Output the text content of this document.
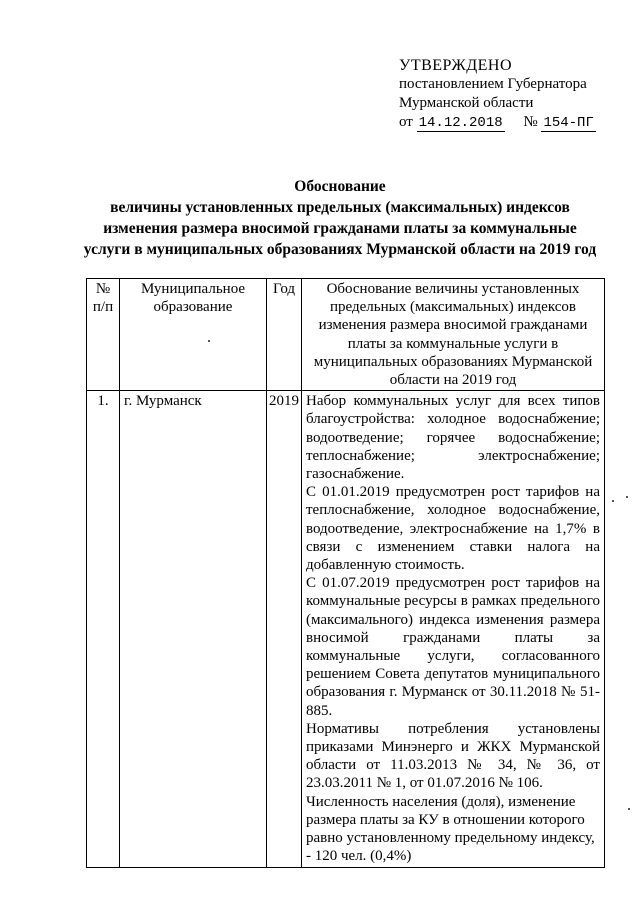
УТВЕРЖДЕНО
постановлением Губернатора
Мурманской области
от 14.12.2018 № 154-ПГ
Обоснование
величины установленных предельных (максимальных) индексов
изменения размера вносимой гражданами платы за коммунальные
услуги в муниципальных образованиях Мурманской области на 2019 год
№ п/п	Муниципальное образование	Год	Обоснование величины установленных предельных (максимальных) индексов изменения размера вносимой гражданами платы за коммунальные услуги в муниципальных образованиях Мурманской области на 2019 год
1.	г. Мурманск	2019	Набор коммунальных услуг для всех типов благоустройства: холодное водоснабжение; водоотведение; горячее водоснабжение; теплоснабжение; электроснабжение; газоснабжение.
С 01.01.2019 предусмотрен рост тарифов на теплоснабжение, холодное водоснабжение, водоотведение, электроснабжение на 1,7% в связи с изменением ставки налога на добавленную стоимость.
С 01.07.2019 предусмотрен рост тарифов на коммунальные ресурсы в рамках предельного (максимального) индекса изменения размера вносимой гражданами платы за коммунальные услуги, согласованного решением Совета депутатов муниципального образования г. Мурманск от 30.11.2018 № 51-885.
Нормативы потребления установлены приказами Минэнерго и ЖКХ Мурманской области от 11.03.2013 № 34, № 36, от 23.03.2011 № 1, от 01.07.2016 № 106.
Численность населения (доля), изменение размера платы за КУ в отношении которого равно установленному предельному индексу, - 120 чел. (0,4%)
